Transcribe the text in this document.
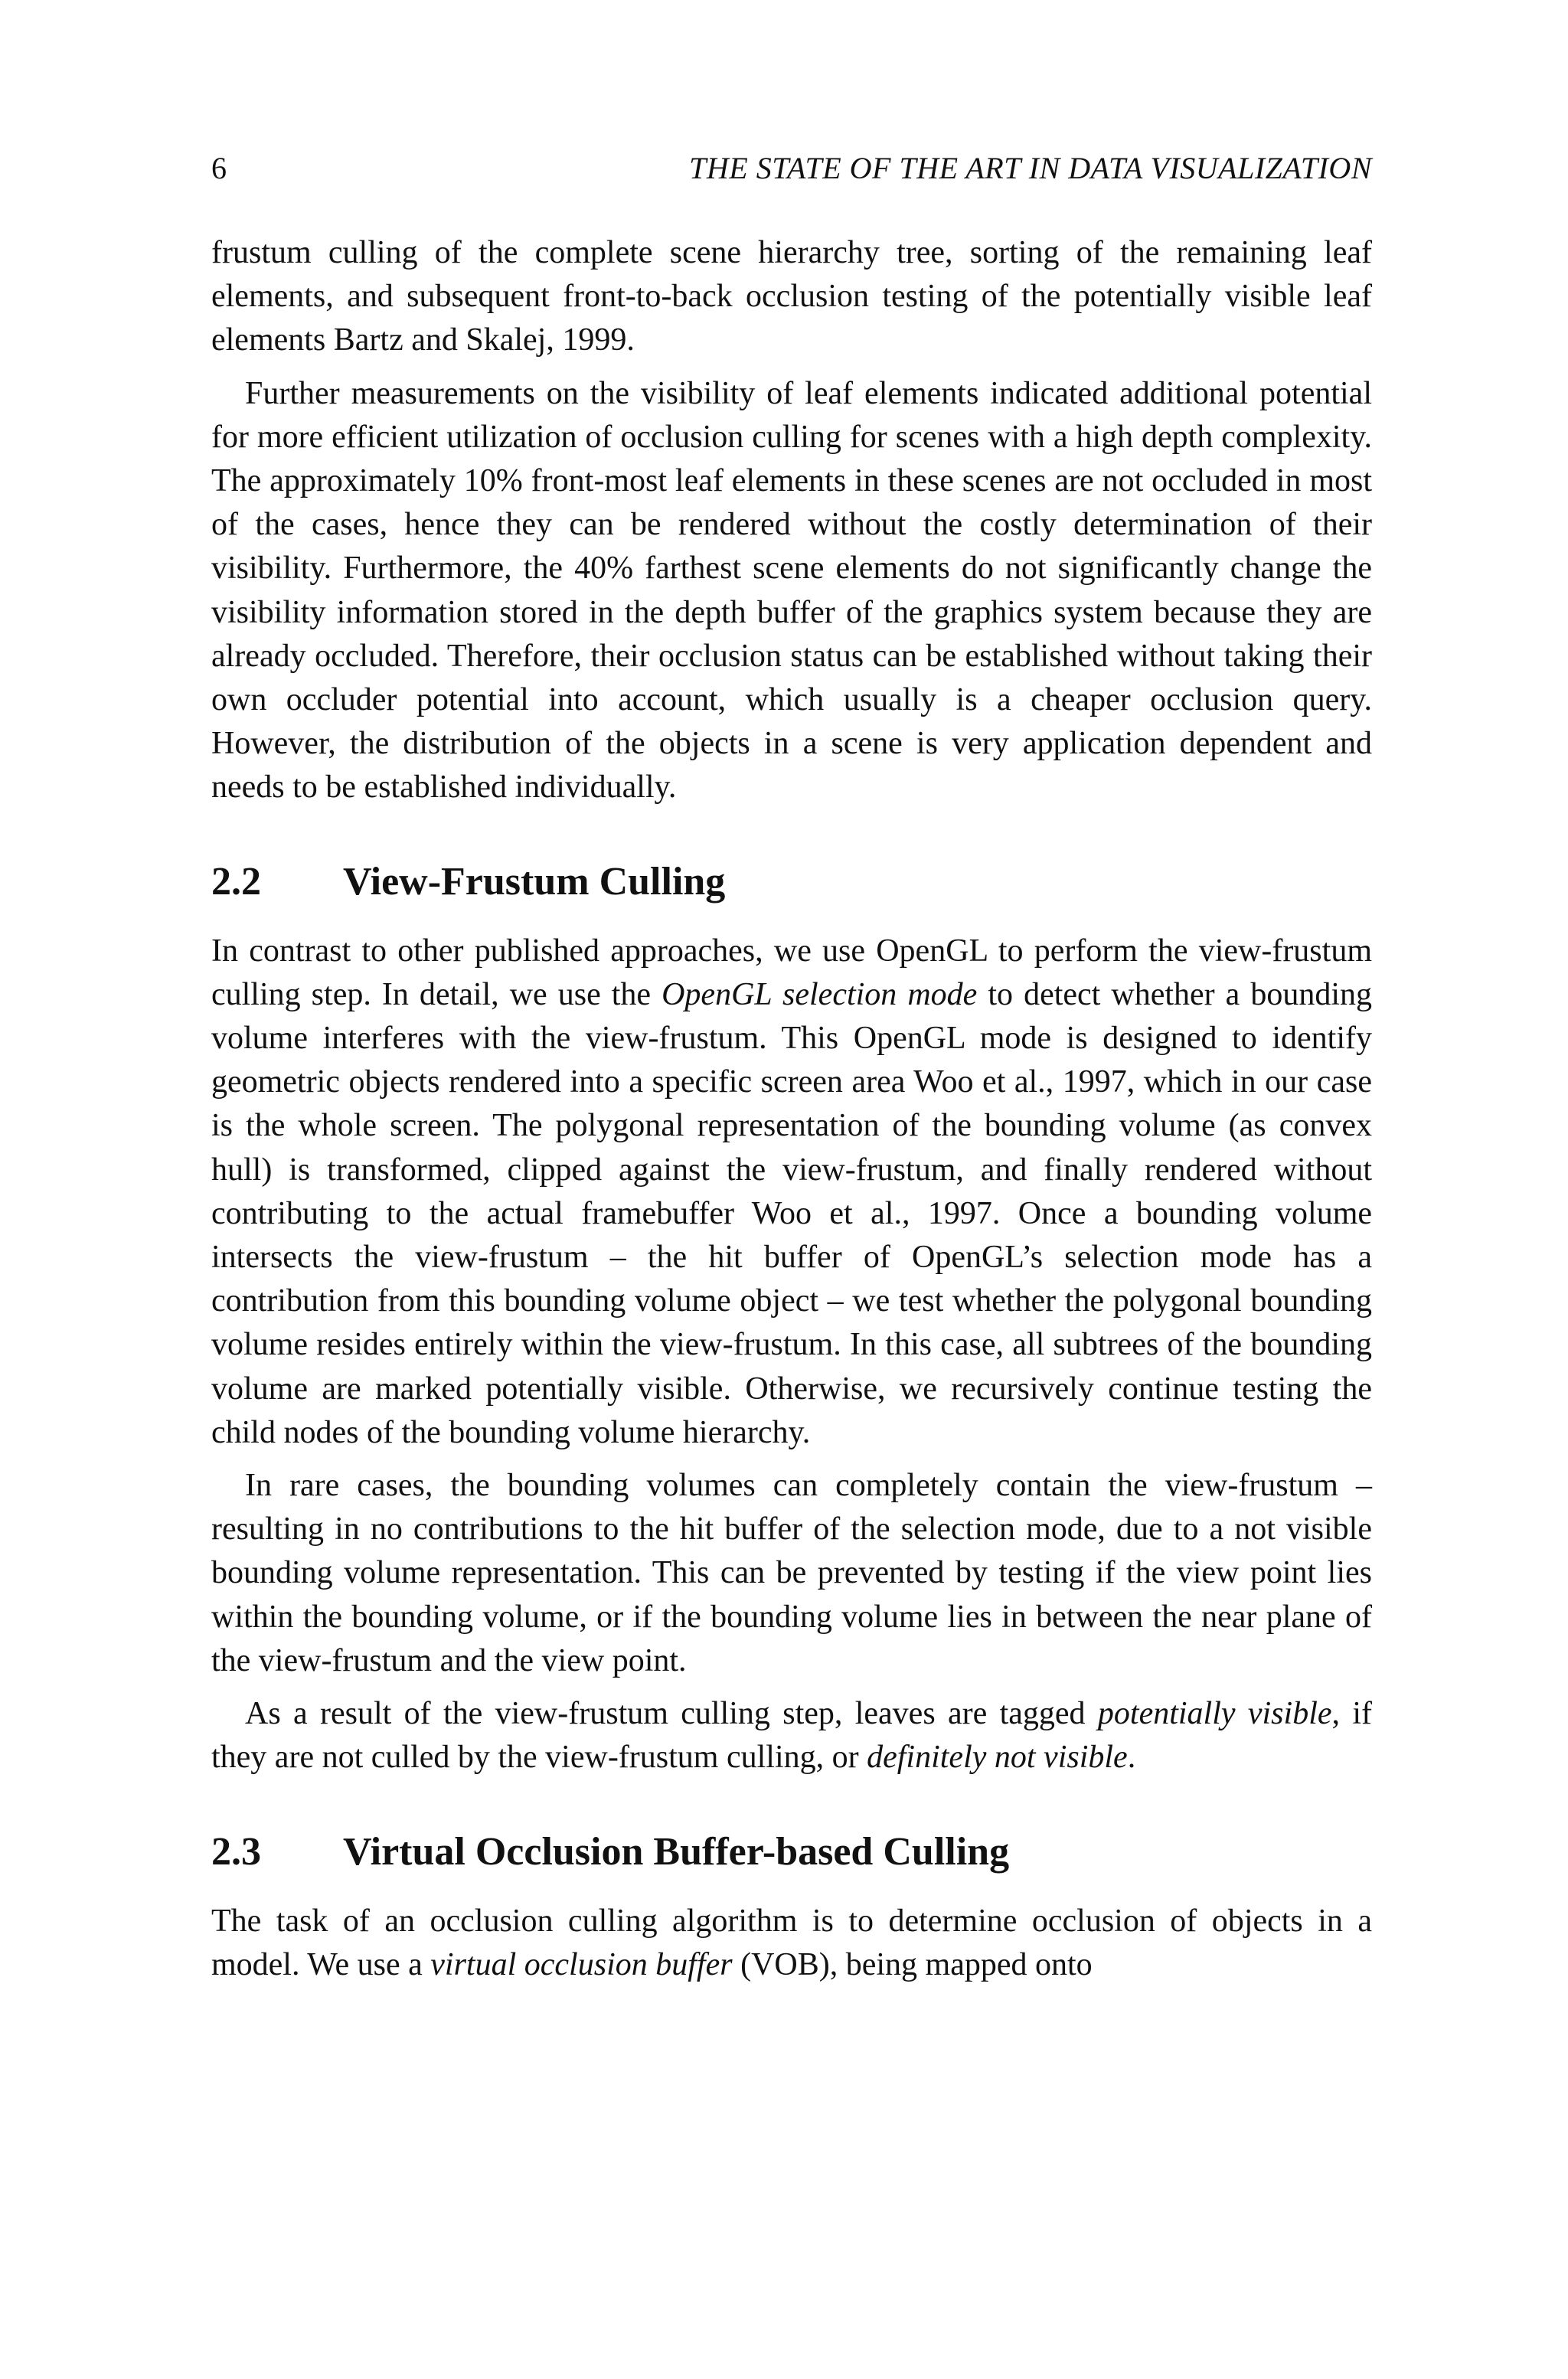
6	THE STATE OF THE ART IN DATA VISUALIZATION

frustum culling of the complete scene hierarchy tree, sorting of the remaining leaf elements, and subsequent front-to-back occlusion testing of the potentially visible leaf elements Bartz and Skalej, 1999.

Further measurements on the visibility of leaf elements indicated additional potential for more efficient utilization of occlusion culling for scenes with a high depth complexity. The approximately 10% front-most leaf elements in these scenes are not occluded in most of the cases, hence they can be rendered without the costly determination of their visibility. Furthermore, the 40% farthest scene elements do not significantly change the visibility information stored in the depth buffer of the graphics system because they are already occluded. Therefore, their occlusion status can be established without taking their own occluder potential into account, which usually is a cheaper occlusion query. However, the distribution of the objects in a scene is very application dependent and needs to be established individually.

2.2	View-Frustum Culling

In contrast to other published approaches, we use OpenGL to perform the view-frustum culling step. In detail, we use the OpenGL selection mode to detect whether a bounding volume interferes with the view-frustum. This OpenGL mode is designed to identify geometric objects rendered into a specific screen area Woo et al., 1997, which in our case is the whole screen. The polygonal representation of the bounding volume (as convex hull) is transformed, clipped against the view-frustum, and finally rendered without contributing to the actual framebuffer Woo et al., 1997. Once a bounding volume intersects the view-frustum – the hit buffer of OpenGL’s selection mode has a contribution from this bounding volume object – we test whether the polygonal bounding volume resides entirely within the view-frustum. In this case, all subtrees of the bounding volume are marked potentially visible. Otherwise, we recursively continue testing the child nodes of the bounding volume hierarchy.

In rare cases, the bounding volumes can completely contain the view-frustum – resulting in no contributions to the hit buffer of the selection mode, due to a not visible bounding volume representation. This can be prevented by testing if the view point lies within the bounding volume, or if the bounding volume lies in between the near plane of the view-frustum and the view point.

As a result of the view-frustum culling step, leaves are tagged potentially visible, if they are not culled by the view-frustum culling, or definitely not visible.

2.3	Virtual Occlusion Buffer-based Culling

The task of an occlusion culling algorithm is to determine occlusion of objects in a model. We use a virtual occlusion buffer (VOB), being mapped onto
